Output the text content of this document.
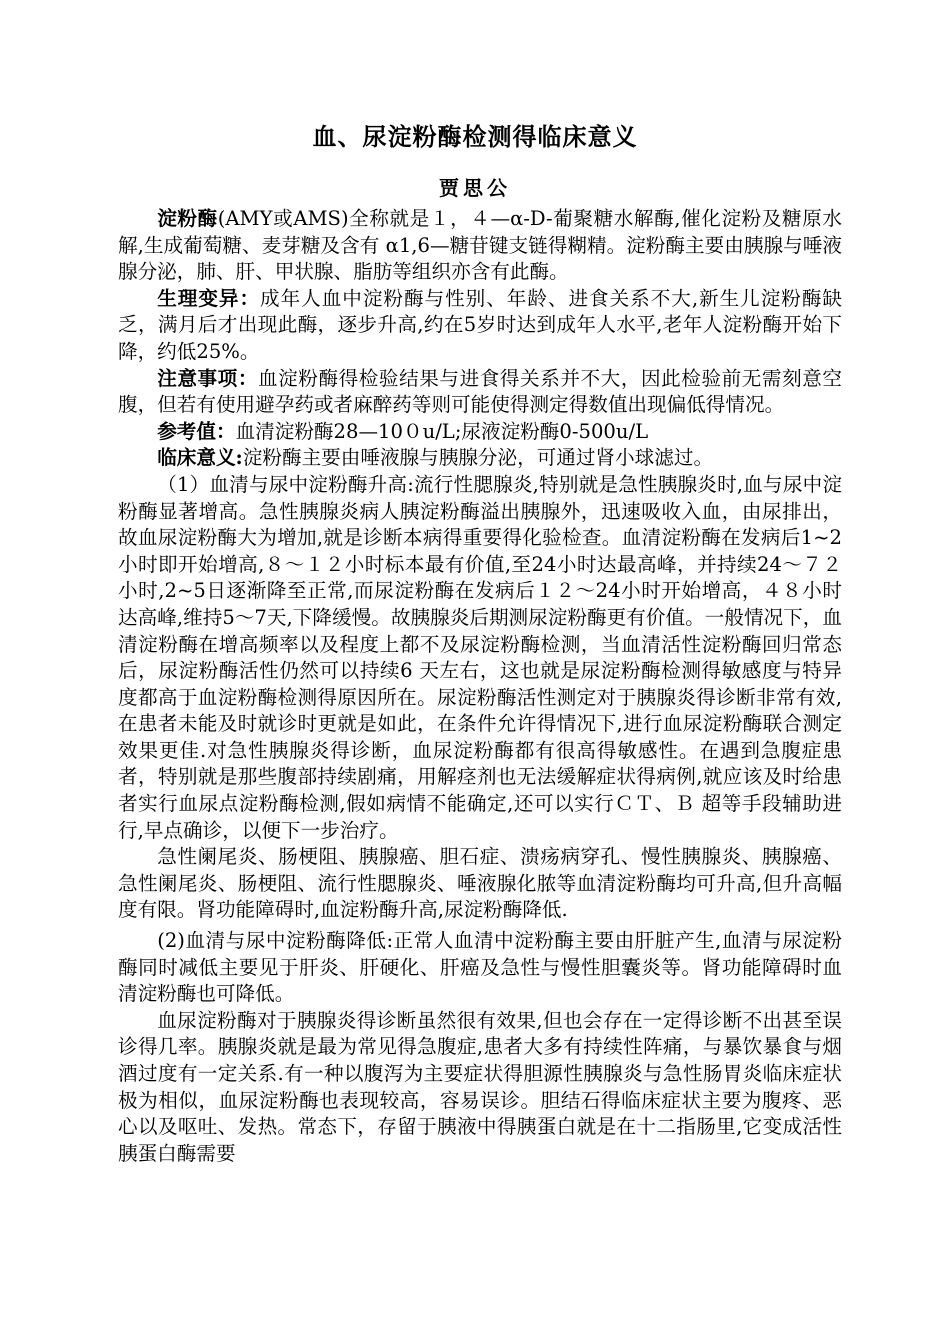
血、尿淀粉酶检测得临床意义
贾思公

淀粉酶(AMY或AMS)全称就是１，４—α-D-葡聚糖水解酶,催化淀粉及糖原水解,生成葡萄糖、麦芽糖及含有 α1,6—糖苷键支链得糊精。淀粉酶主要由胰腺与唾液腺分泌，肺、肝、甲状腺、脂肪等组织亦含有此酶。

生理变异：成年人血中淀粉酶与性别、年龄、进食关系不大,新生儿淀粉酶缺乏，满月后才出现此酶，逐步升高,约在5岁时达到成年人水平,老年人淀粉酶开始下降，约低25%。

注意事项：血淀粉酶得检验结果与进食得关系并不大，因此检验前无需刻意空腹，但若有使用避孕药或者麻醉药等则可能使得测定得数值出现偏低得情况。

参考值：血清淀粉酶28—10０u/L;尿液淀粉酶0-500u/L

临床意义:淀粉酶主要由唾液腺与胰腺分泌，可通过肾小球滤过。

（1）血清与尿中淀粉酶升高:流行性腮腺炎,特别就是急性胰腺炎时,血与尿中淀粉酶显著增高。急性胰腺炎病人胰淀粉酶溢出胰腺外，迅速吸收入血，由尿排出，故血尿淀粉酶大为增加,就是诊断本病得重要得化验检查。血清淀粉酶在发病后1~2小时即开始增高,８～１２小时标本最有价值,至24小时达最高峰，并持续24～７２小时,2~5日逐渐降至正常,而尿淀粉酶在发病后１２～24小时开始增高，４８小时达高峰,维持5～7天,下降缓慢。故胰腺炎后期测尿淀粉酶更有价值。一般情况下，血清淀粉酶在增高频率以及程度上都不及尿淀粉酶检测，当血清活性淀粉酶回归常态后，尿淀粉酶活性仍然可以持续6 天左右，这也就是尿淀粉酶检测得敏感度与特异度都高于血淀粉酶检测得原因所在。尿淀粉酶活性测定对于胰腺炎得诊断非常有效,在患者未能及时就诊时更就是如此，在条件允许得情况下,进行血尿淀粉酶联合测定效果更佳.对急性胰腺炎得诊断，血尿淀粉酶都有很高得敏感性。在遇到急腹症患者，特别就是那些腹部持续剧痛，用解痉剂也无法缓解症状得病例,就应该及时给患者实行血尿点淀粉酶检测,假如病情不能确定,还可以实行ＣＴ、Ｂ 超等手段辅助进行,早点确诊，以便下一步治疗。

急性阑尾炎、肠梗阻、胰腺癌、胆石症、溃疡病穿孔、慢性胰腺炎、胰腺癌、急性阑尾炎、肠梗阻、流行性腮腺炎、唾液腺化脓等血清淀粉酶均可升高,但升高幅度有限。肾功能障碍时,血淀粉酶升高,尿淀粉酶降低.

(2)血清与尿中淀粉酶降低:正常人血清中淀粉酶主要由肝脏产生,血清与尿淀粉酶同时减低主要见于肝炎、肝硬化、肝癌及急性与慢性胆囊炎等。肾功能障碍时血清淀粉酶也可降低。

血尿淀粉酶对于胰腺炎得诊断虽然很有效果,但也会存在一定得诊断不出甚至误诊得几率。胰腺炎就是最为常见得急腹症,患者大多有持续性阵痛，与暴饮暴食与烟酒过度有一定关系.有一种以腹泻为主要症状得胆源性胰腺炎与急性肠胃炎临床症状极为相似，血尿淀粉酶也表现较高，容易误诊。胆结石得临床症状主要为腹疼、恶心以及呕吐、发热。常态下，存留于胰液中得胰蛋白就是在十二指肠里,它变成活性胰蛋白酶需要
